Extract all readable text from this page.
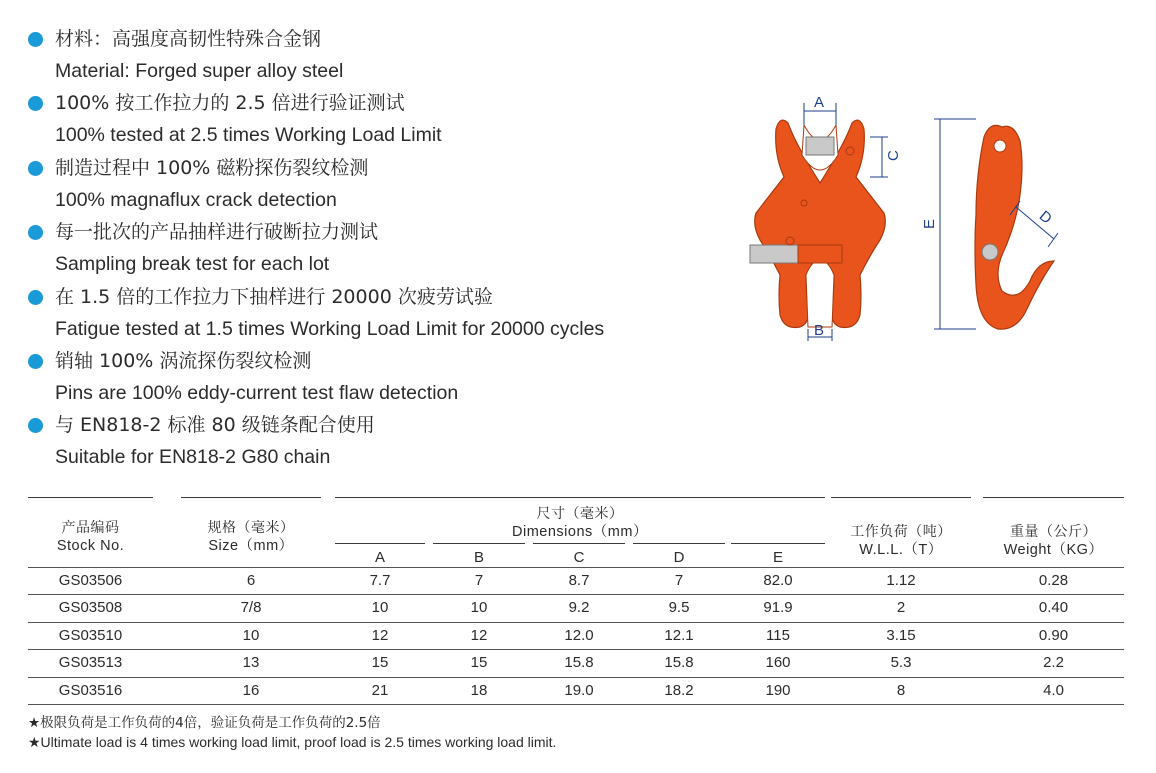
材料：高强度高韧性特殊合金钢
Material: Forged super alloy steel
100% 按工作拉力的 2.5 倍进行验证测试
100% tested at 2.5 times Working Load Limit
制造过程中 100% 磁粉探伤裂纹检测
100% magnaflux crack detection
每一批次的产品抽样进行破断拉力测试
Sampling break test for each lot
在 1.5 倍的工作拉力下抽样进行 20000 次疲劳试验
Fatigue tested at 1.5 times Working Load Limit for 20000 cycles
销轴 100% 涡流探伤裂纹检测
Pins are 100% eddy-current test flaw detection
与 EN818-2 标准 80 级链条配合使用
Suitable for EN818-2 G80 chain
A
B
C
E	D
产品编码
Stock No.
规格（毫米）
Size（mm）
尺寸（毫米）
Dimensions（mm）
A	B	C	D	E
工作负荷（吨）
W.L.L.（T）
重量（公斤）
Weight（KG）
GS03506	6	7.7	7	8.7	7	82.0	1.12	0.28
GS03508	7/8	10	10	9.2	9.5	91.9	2	0.40
GS03510	10	12	12	12.0	12.1	115	3.15	0.90
GS03513	13	15	15	15.8	15.8	160	5.3	2.2
GS03516	16	21	18	19.0	18.2	190	8	4.0
★极限负荷是工作负荷的4倍，验证负荷是工作负荷的2.5倍
★Ultimate load is 4 times working load limit, proof load is 2.5 times working load limit.
